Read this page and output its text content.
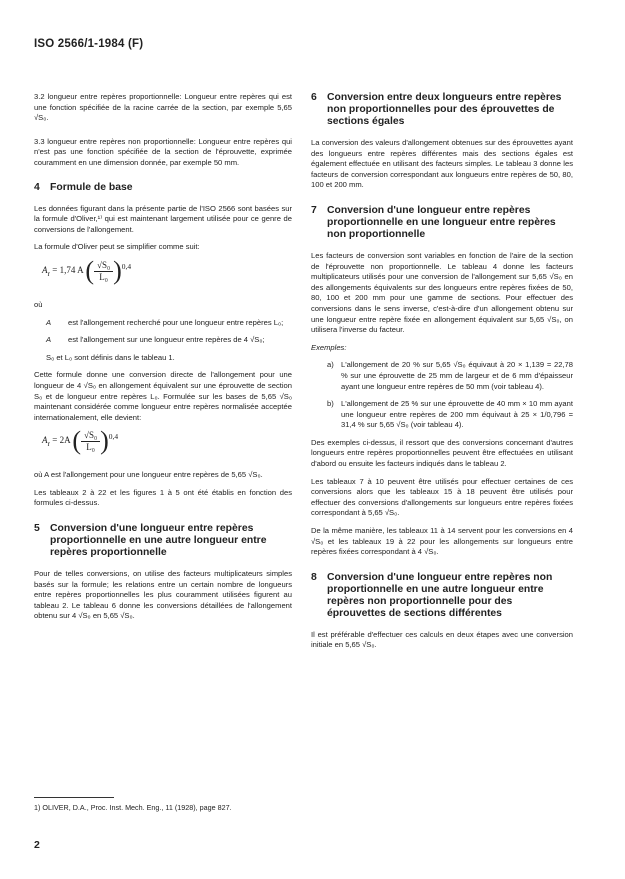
ISO 2566/1-1984 (F)

3.2 longueur entre repères proportionnelle: Longueur entre repères qui est une fonction spécifiée de la racine carrée de la section, par exemple 5,65 √S₀.

3.3 longueur entre repères non proportionnelle: Longueur entre repères qui n'est pas une fonction spécifiée de la section de l'éprouvette, exprimée couramment en une dimension donnée, par exemple 50 mm.

4 Formule de base

Les données figurant dans la présente partie de l'ISO 2566 sont basées sur la formule d'Oliver,¹⁾ qui est maintenant largement utilisée pour ce genre de conversions de l'allongement.

La formule d'Oliver peut se simplifier comme suit:

$A_r = 1,74$ A ( $\frac{\text{√S₀}}{\text{L₀}} )^{0,4}$

où

A	est l'allongement recherché pour une longueur entre repères L₀;
A	est l'allongement sur une longueur entre repères de 4 √S₀;

S₀ et L₀ sont définis dans le tableau 1.

Cette formule donne une conversion directe de l'allongement pour une longueur de 4 √S₀ en allongement équivalent sur une éprouvette de section S₀ et de longueur entre repères L₀. Formulée sur les bases de 5,65 √S₀ maintenant considérée comme longueur entre repères normalisée acceptée internationalement, elle devient:

$A_r = 2A$ ( $\frac{\text{√S₀}}{\text{L₀}} )^{0,4}$

où A est l'allongement pour une longueur entre repères de 5,65 √S₀.

Les tableaux 2 à 22 et les figures 1 à 5 ont été établis en fonction des formules ci-dessus.

5 Conversion d'une longueur entre repères proportionnelle en une autre longueur entre repères proportionnelle

Pour de telles conversions, on utilise des facteurs multiplicateurs simples basés sur la formule; les relations entre un certain nombre de longueurs entre repères proportionnelles les plus couramment utilisées figurent au tableau 2. Le tableau 6 donne les conversions détaillées de l'allongement obtenu sur 4 √S₀ en 5,65 √S₀.

6 Conversion entre deux longueurs entre repères non proportionnelles pour des éprouvettes de sections égales

La conversion des valeurs d'allongement obtenues sur des éprouvettes ayant des longueurs entre repères différentes mais des sections égales est également effectuée en utilisant des facteurs simples. Le tableau 3 donne les facteurs de conversion correspondant aux longueurs entre repères de 50, 80, 100 et 200 mm.

7 Conversion d'une longueur entre repères proportionnelle en une longueur entre repères non proportionnelle

Les facteurs de conversion sont variables en fonction de l'aire de la section de l'éprouvette non proportionnelle. Le tableau 4 donne les facteurs multiplicateurs utilisés pour une conversion de l'allongement sur 5,65 √S₀ en des allongements équivalents sur des longueurs entre repères fixées de 50, 80, 100 et 200 mm pour une gamme de sections. Pour effectuer des conversions dans le sens inverse, c'est-à-dire d'un allongement obtenu sur une longueur entre repère fixée en allongement équivalent sur 5,65 √S₀, on utilisera l'inverse du facteur.

Exemples:

a) L'allongement de 20 % sur 5,65 √S₀ équivaut à 20 × 1,139 = 22,78 % sur une éprouvette de 25 mm de largeur et de 6 mm d'épaisseur ayant une longueur entre repères de 50 mm (voir tableau 4).

b) L'allongement de 25 % sur une éprouvette de 40 mm × 10 mm ayant une longueur entre repères de 200 mm équivaut à 25 × 1/0,796 = 31,4 % sur 5,65 √S₀ (voir tableau 4).

Des exemples ci-dessus, il ressort que des conversions concernant d'autres longueurs entre repères proportionnelles peuvent être effectuées en utilisant d'abord ou ensuite les facteurs indiqués dans le tableau 2.

Les tableaux 7 à 10 peuvent être utilisés pour effectuer certaines de ces conversions alors que les tableaux 15 à 18 peuvent être utilisés pour effectuer des conversions d'allongements sur longueurs entre repères fixées correspondant à 5,65 √S₀.

De la même manière, les tableaux 11 à 14 servent pour les conversions en 4 √S₀ et les tableaux 19 à 22 pour les allongements sur longueurs entre repères fixées correspondant à 4 √S₀.

8 Conversion d'une longueur entre repères non proportionnelle en une autre longueur entre repères non proportionnelle pour des éprouvettes de sections différentes

Il est préférable d'effectuer ces calculs en deux étapes avec une conversion initiale en 5,65 √S₀.

1) OLIVER, D.A., Proc. Inst. Mech. Eng., 11 (1928), page 827.
2
